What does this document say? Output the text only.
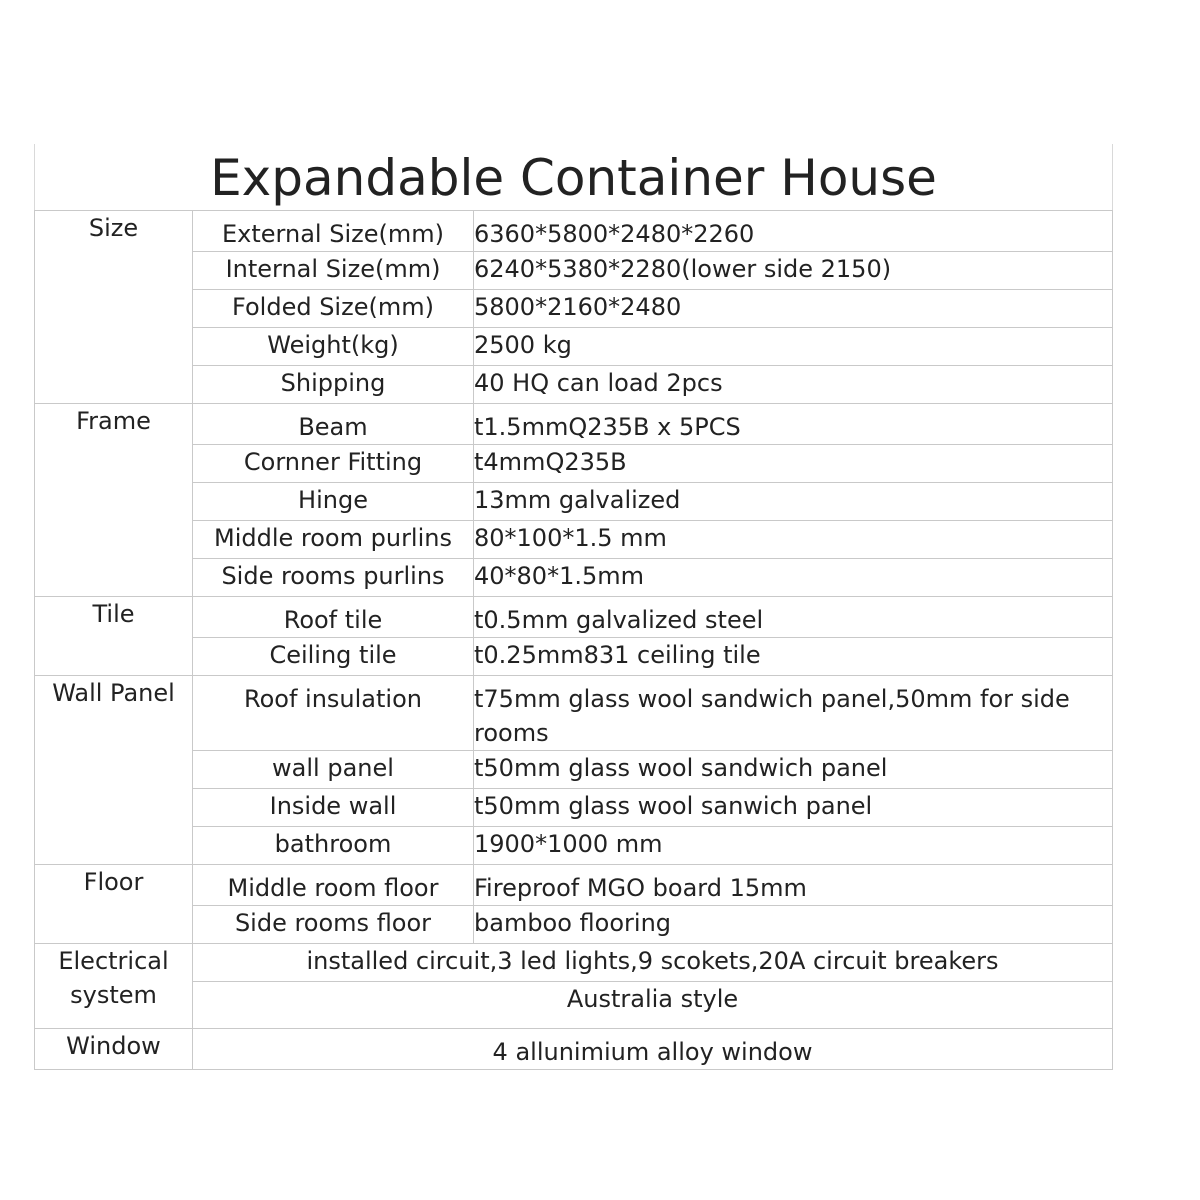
Expandable Container House		
Size	External Size(mm)	6360*5800*2480*2260
	Internal Size(mm)	6240*5380*2280(lower side 2150)
	Folded Size(mm)	5800*2160*2480
	Weight(kg)	2500 kg
	Shipping	40 HQ can load 2pcs
Frame	Beam	t1.5mmQ235B x 5PCS
	Cornner Fitting	t4mmQ235B
	Hinge	13mm galvalized
	Middle room purlins	80*100*1.5 mm
	Side rooms purlins	40*80*1.5mm
Tile	Roof tile	t0.5mm galvalized steel
	Ceiling tile	t0.25mm831 ceiling tile
Wall Panel	Roof insulation	t75mm glass wool sandwich panel,50mm for side rooms
	wall panel	t50mm glass wool sandwich panel
	Inside wall	t50mm glass wool sanwich panel
	bathroom	1900*1000 mm
Floor	Middle room floor	Fireproof MGO board 15mm
	Side rooms floor	bamboo flooring
Electrical system	installed circuit,3 led lights,9 scokets,20A circuit breakers	
	Australia style	
Window	4 allunimium alloy window	
